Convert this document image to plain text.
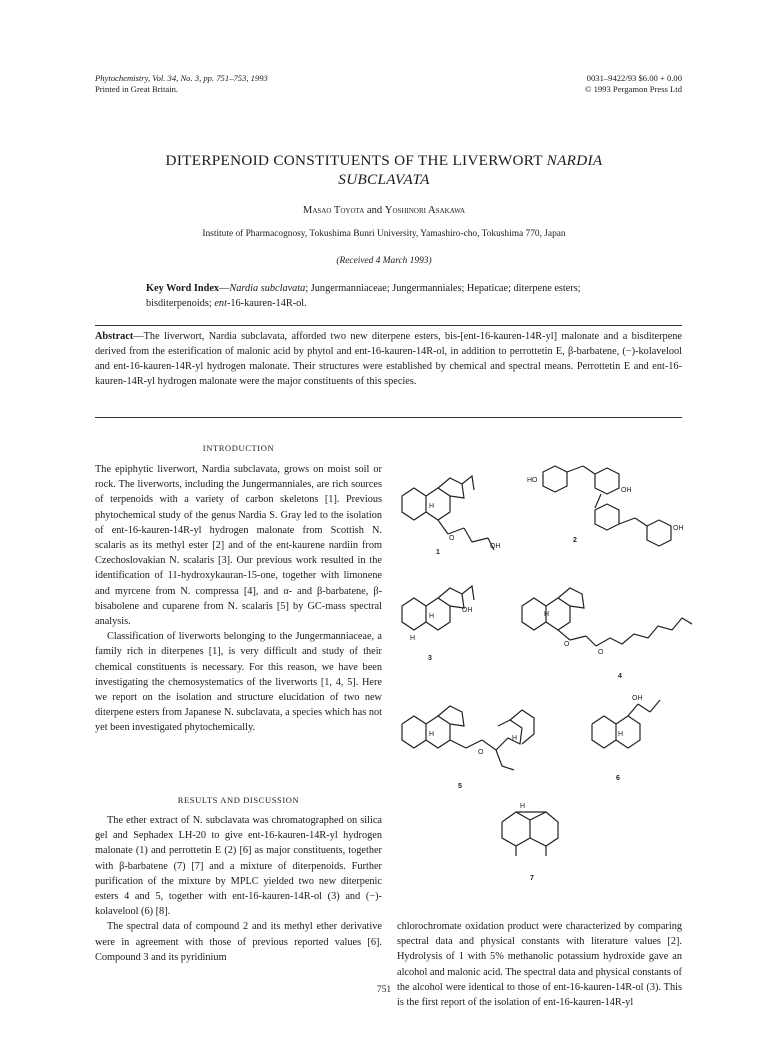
Phytochemistry, Vol. 34, No. 3, pp. 751–753, 1993
Printed in Great Britain.
0031–9422/93 $6.00 + 0.00
© 1993 Pergamon Press Ltd
DITERPENOID CONSTITUENTS OF THE LIVERWORT NARDIA
SUBCLAVATA
Masao Toyota and Yoshinori Asakawa
Institute of Pharmacognosy, Tokushima Bunri University, Yamashiro-cho, Tokushima 770, Japan
(Received 4 March 1993)
Key Word Index—Nardia subclavata; Jungermanniaceae; Jungermanniales; Hepaticae; diterpene esters; bisditerpenoids; ent-16-kauren-14R-ol.
Abstract—The liverwort, Nardia subclavata, afforded two new diterpene esters, bis-[ent-16-kauren-14R-yl] malonate and a bisditerpene derived from the esterification of malonic acid by phytol and ent-16-kauren-14R-ol, in addition to perrottetin E, β-barbatene, (−)-kolavelool and ent-16-kauren-14R-yl hydrogen malonate. Their structures were established by chemical and spectral means. Perrottetin E and ent-16-kauren-14R-yl hydrogen malonate were the major constituents of this species.
INTRODUCTION

The epiphytic liverwort, Nardia subclavata, grows on moist soil or rock. The liverworts, including the Jungermanniales, are rich sources of terpenoids with a variety of carbon skeletons [1]. Previous phytochemical study of the genus Nardia S. Gray led to the isolation of ent-16-kauren-14R-yl hydrogen malonate from Scottish N. scalaris as its methyl ester [2] and of the ent-kaurene nardiin from Czechoslovakian N. scalaris [3]. Our previous work resulted in the identification of 11-hydroxykauran-15-one, together with limonene and myrcene from N. compressa [4], and α- and β-barbatene, β-bisabolene and cuparene from N. scalaris [5] by GC-mass spectral analysis.

Classification of liverworts belonging to the Jungermanniaceae, a family rich in diterpenes [1], is very difficult and study of their chemical constituents is necessary. For this reason, we have been investigating the chemosystematics of the liverworts [1, 4, 5]. Here we report on the isolation and structure elucidation of two new diterpene esters from Japanese N. subclavata, a species which has not yet been investigated phytochemically.

RESULTS AND DISCUSSION

The ether extract of N. subclavata was chromatographed on silica gel and Sephadex LH-20 to give ent-16-kauren-14R-yl hydrogen malonate (1) and perrottetin E (2) [6] as major constituents, together with β-barbatene (7) [7] and a mixture of diterpenoids. Further purification of the mixture by MPLC yielded two new diterpenic esters 4 and 5, together with ent-16-kauren-14R-ol (3) and (−)-kolavelool (6) [8].

The spectral data of compound 2 and its methyl ether derivative were in agreement with those of previous reported values [6]. Compound 3 and its pyridinium

chlorochromate oxidation product were characterized by comparing spectral data and physical constants with literature values [2]. Hydrolysis of 1 with 5% methanolic potassium hydroxide gave an alcohol and malonic acid. The spectral data and physical constants of the alcohol were identical to those of ent-16-kauren-14R-ol (3). This is the first report of the isolation of ent-16-kauren-14R-yl

H
O
OH
1
HO
OH
OH
2
H
OH
H
3
H
O
O
4
H
O
H
5
OH
H
6
H
7
751
